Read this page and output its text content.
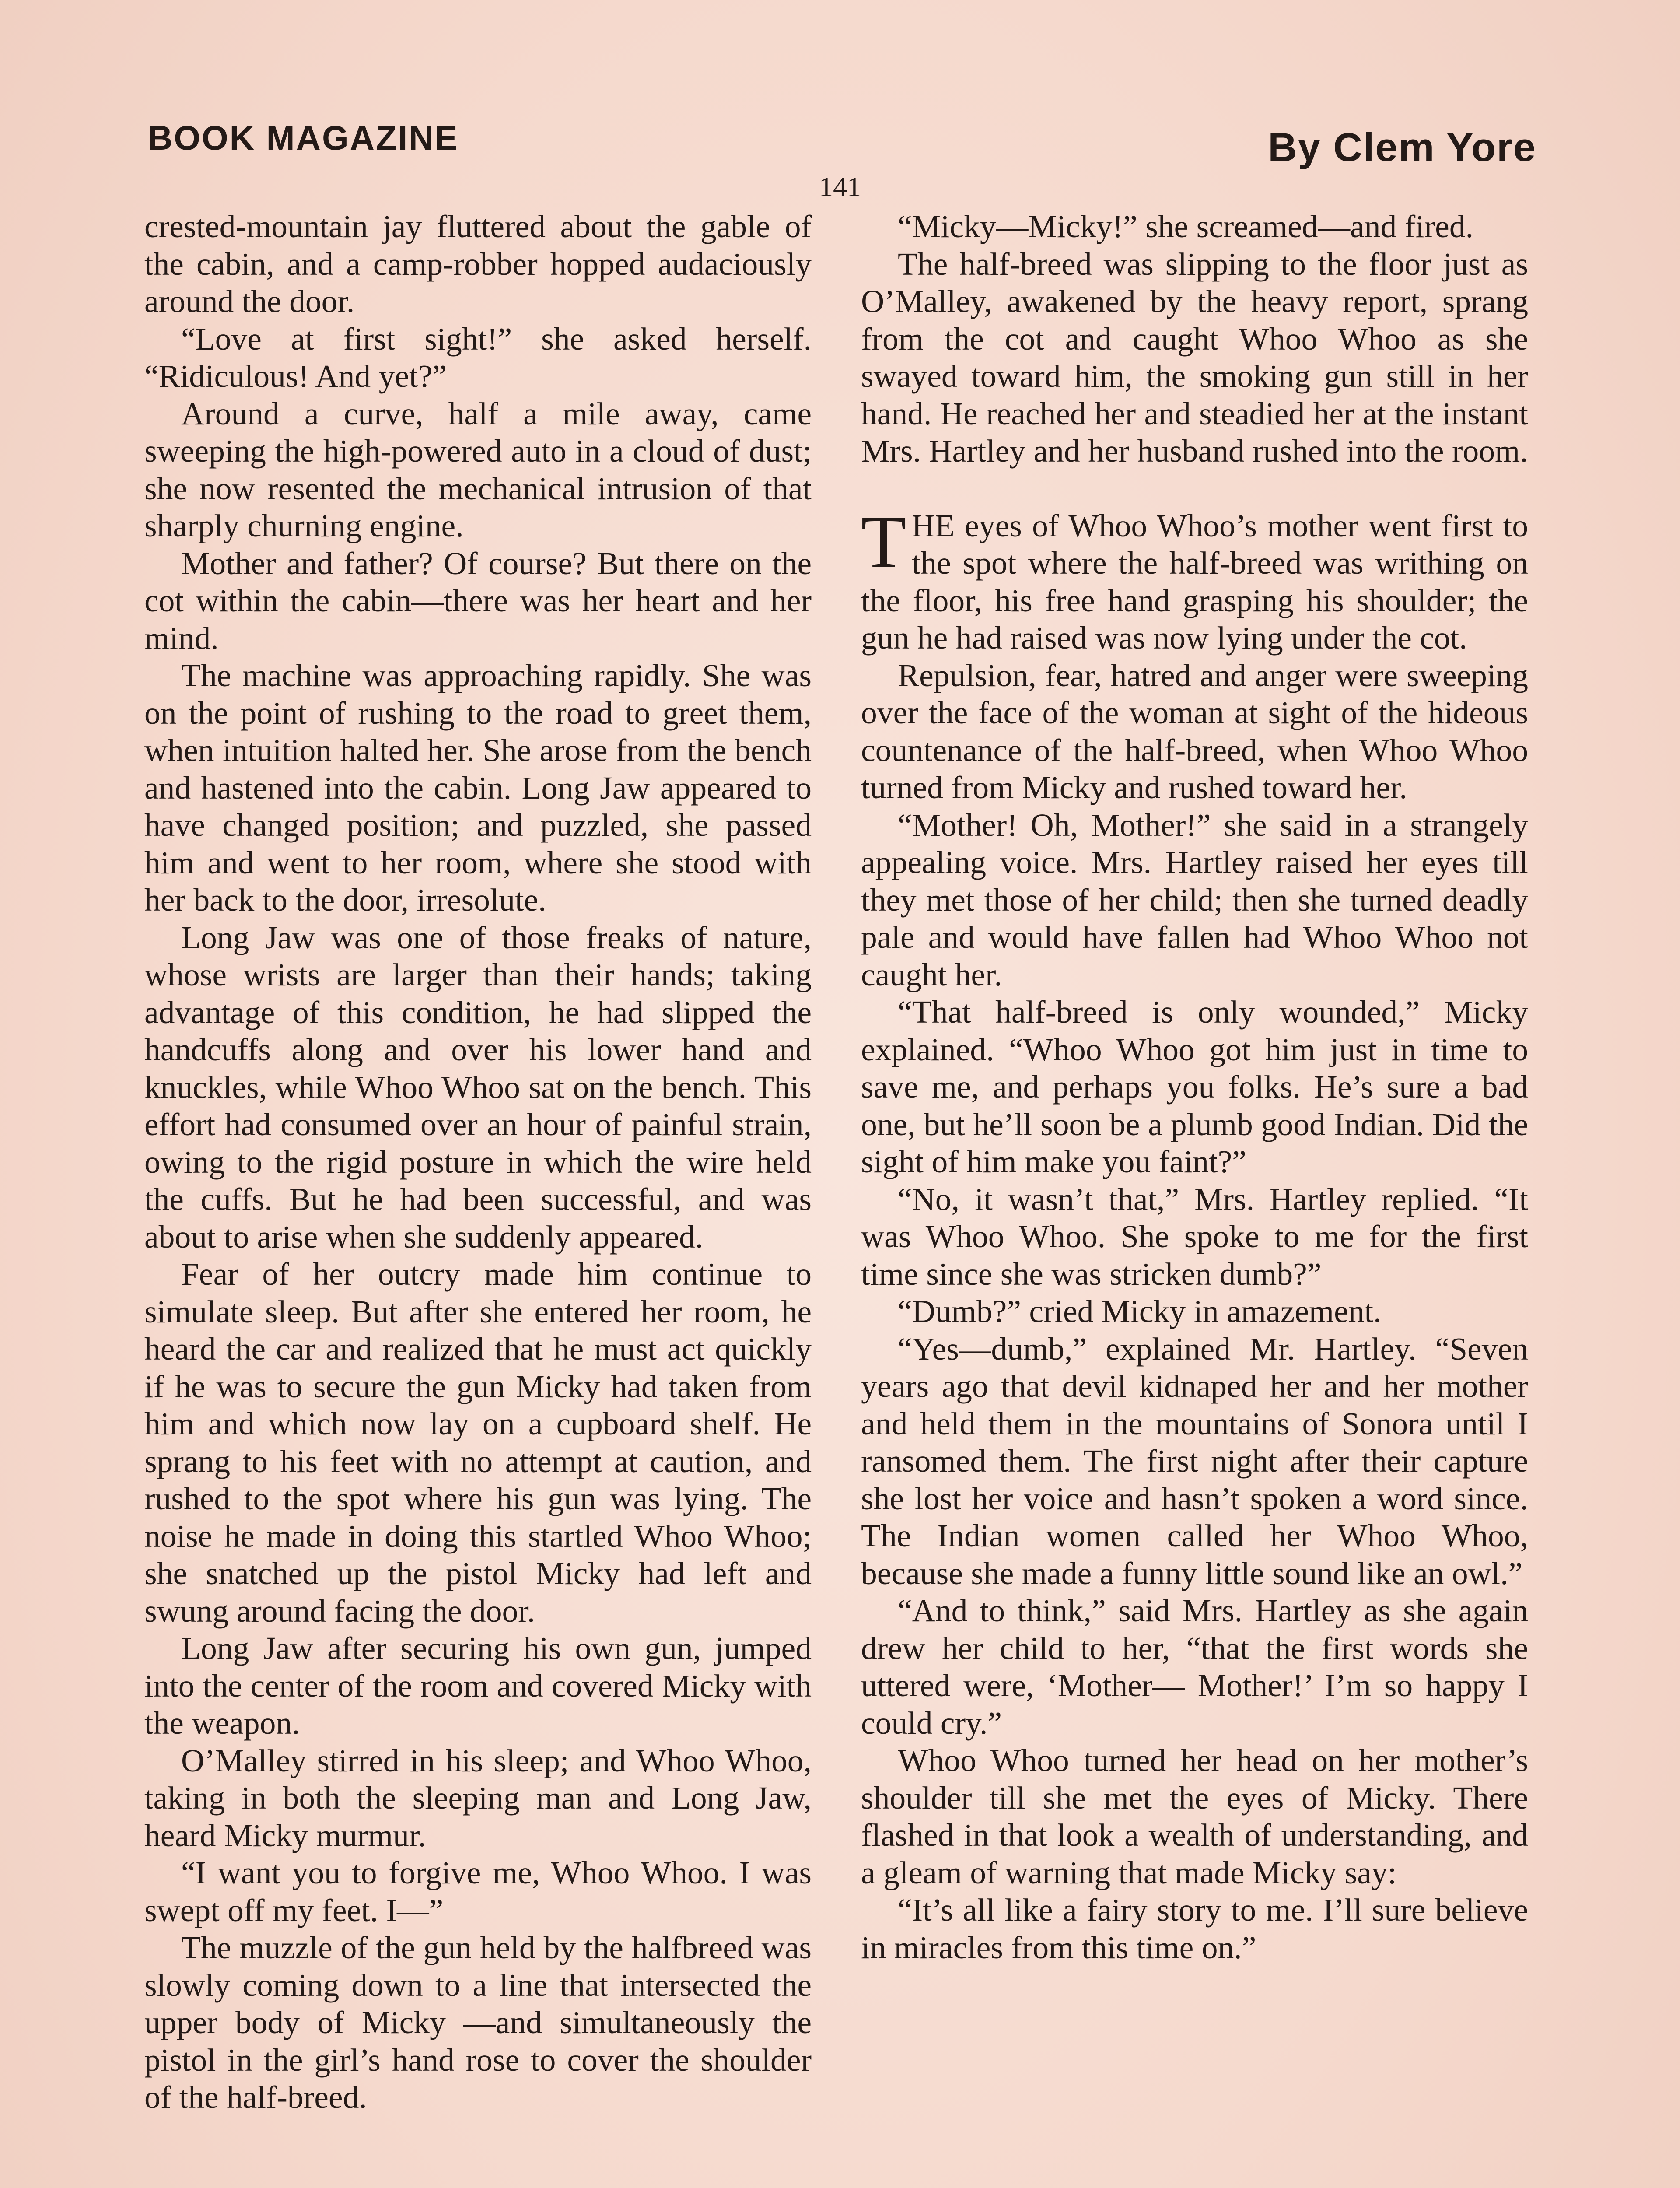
BOOK MAGAZINE	By Clem Yore
141

crested-mountain jay fluttered about the gable of the cabin, and a camp-robber hopped audaciously around the door.

“Love at first sight!” she asked herself. “Ridiculous! And yet?”

Around a curve, half a mile away, came sweeping the high-powered auto in a cloud of dust; she now resented the mechanical intrusion of that sharply churning engine.

Mother and father? Of course? But there on the cot within the cabin—there was her heart and her mind.

The machine was approaching rapidly. She was on the point of rushing to the road to greet them, when intuition halted her. She arose from the bench and hastened into the cabin. Long Jaw appeared to have changed position; and puzzled, she passed him and went to her room, where she stood with her back to the door, irresolute.

Long Jaw was one of those freaks of nature, whose wrists are larger than their hands; taking advantage of this condition, he had slipped the handcuffs along and over his lower hand and knuckles, while Whoo Whoo sat on the bench. This effort had consumed over an hour of painful strain, owing to the rigid posture in which the wire held the cuffs. But he had been successful, and was about to arise when she suddenly appeared.

Fear of her outcry made him continue to simulate sleep. But after she entered her room, he heard the car and realized that he must act quickly if he was to secure the gun Micky had taken from him and which now lay on a cupboard shelf. He sprang to his feet with no attempt at caution, and rushed to the spot where his gun was lying. The noise he made in doing this startled Whoo Whoo; she snatched up the pistol Micky had left and swung around facing the door.

Long Jaw after securing his own gun, jumped into the center of the room and covered Micky with the weapon.

O’Malley stirred in his sleep; and Whoo Whoo, taking in both the sleeping man and Long Jaw, heard Micky murmur.

“I want you to forgive me, Whoo Whoo. I was swept off my feet. I—”

The muzzle of the gun held by the halfbreed was slowly coming down to a line that intersected the upper body of Micky —and simultaneously the pistol in the girl’s hand rose to cover the shoulder of the half-breed.

“Micky—Micky!” she screamed—and fired.

The half-breed was slipping to the floor just as O’Malley, awakened by the heavy report, sprang from the cot and caught Whoo Whoo as she swayed toward him, the smoking gun still in her hand. He reached her and steadied her at the instant Mrs. Hartley and her husband rushed into the room.

THE eyes of Whoo Whoo’s mother went first to the spot where the half-breed was writhing on the floor, his free hand grasping his shoulder; the gun he had raised was now lying under the cot.

Repulsion, fear, hatred and anger were sweeping over the face of the woman at sight of the hideous countenance of the half-breed, when Whoo Whoo turned from Micky and rushed toward her.

“Mother! Oh, Mother!” she said in a strangely appealing voice. Mrs. Hartley raised her eyes till they met those of her child; then she turned deadly pale and would have fallen had Whoo Whoo not caught her.

“That half-breed is only wounded,” Micky explained. “Whoo Whoo got him just in time to save me, and perhaps you folks. He’s sure a bad one, but he’ll soon be a plumb good Indian. Did the sight of him make you faint?”

“No, it wasn’t that,” Mrs. Hartley replied. “It was Whoo Whoo. She spoke to me for the first time since she was stricken dumb?”

“Dumb?” cried Micky in amazement.

“Yes—dumb,” explained Mr. Hartley. “Seven years ago that devil kidnaped her and her mother and held them in the mountains of Sonora until I ransomed them. The first night after their capture she lost her voice and hasn’t spoken a word since. The Indian women called her Whoo Whoo, because she made a funny little sound like an owl.”

“And to think,” said Mrs. Hartley as she again drew her child to her, “that the first words she uttered were, ‘Mother— Mother!’ I’m so happy I could cry.”

Whoo Whoo turned her head on her mother’s shoulder till she met the eyes of Micky. There flashed in that look a wealth of understanding, and a gleam of warning that made Micky say:

“It’s all like a fairy story to me. I’ll sure believe in miracles from this time on.”
